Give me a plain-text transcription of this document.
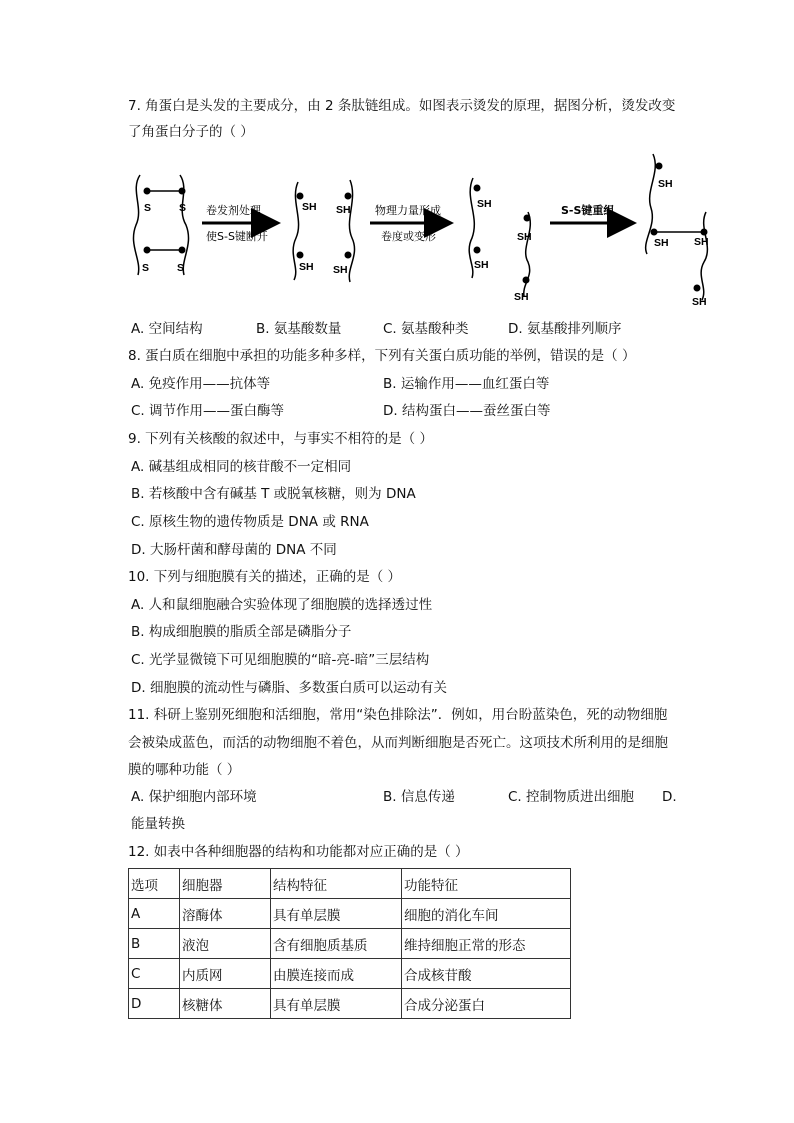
7. 角蛋白是头发的主要成分，由 2 条肽链组成。如图表示烫发的原理，据图分析，烫发改变
了角蛋白分子的（ ）
S	S
S	S
SH SH
SH SH
SH
SH
SH
SH
SH
SH SH
SH
卷发剂处理
使S-S键断开
物理力量形成
卷度或变形
S-S键重组
A. 空间结构	B. 氨基酸数量	C. 氨基酸种类	D. 氨基酸排列顺序
8. 蛋白质在细胞中承担的功能多种多样，下列有关蛋白质功能的举例，错误的是（ ）
A. 免疫作用——抗体等	B. 运输作用——血红蛋白等
C. 调节作用——蛋白酶等	D. 结构蛋白——蚕丝蛋白等
9. 下列有关核酸的叙述中，与事实不相符的是（ ）
A. 碱基组成相同的核苷酸不一定相同
B. 若核酸中含有碱基 T 或脱氧核糖，则为 DNA
C. 原核生物的遗传物质是 DNA 或 RNA
D. 大肠杆菌和酵母菌的 DNA 不同
10. 下列与细胞膜有关的描述，正确的是（ ）
A. 人和鼠细胞融合实验体现了细胞膜的选择透过性
B. 构成细胞膜的脂质全部是磷脂分子
C. 光学显微镜下可见细胞膜的“暗-亮-暗”三层结构
D. 细胞膜的流动性与磷脂、多数蛋白质可以运动有关
11. 科研上鉴别死细胞和活细胞，常用“染色排除法”．例如，用台盼蓝染色，死的动物细胞
会被染成蓝色，而活的动物细胞不着色，从而判断细胞是否死亡。这项技术所利用的是细胞
膜的哪种功能（ ）
A. 保护细胞内部环境	B. 信息传递	C. 控制物质进出细胞 D.
能量转换
12. 如表中各种细胞器的结构和功能都对应正确的是（ ）
选项	细胞器	结构特征	功能特征
A	溶酶体	具有单层膜	细胞的消化车间
B	液泡	含有细胞质基质	维持细胞正常的形态
C	内质网	由膜连接而成	合成核苷酸
D	核糖体	具有单层膜	合成分泌蛋白
